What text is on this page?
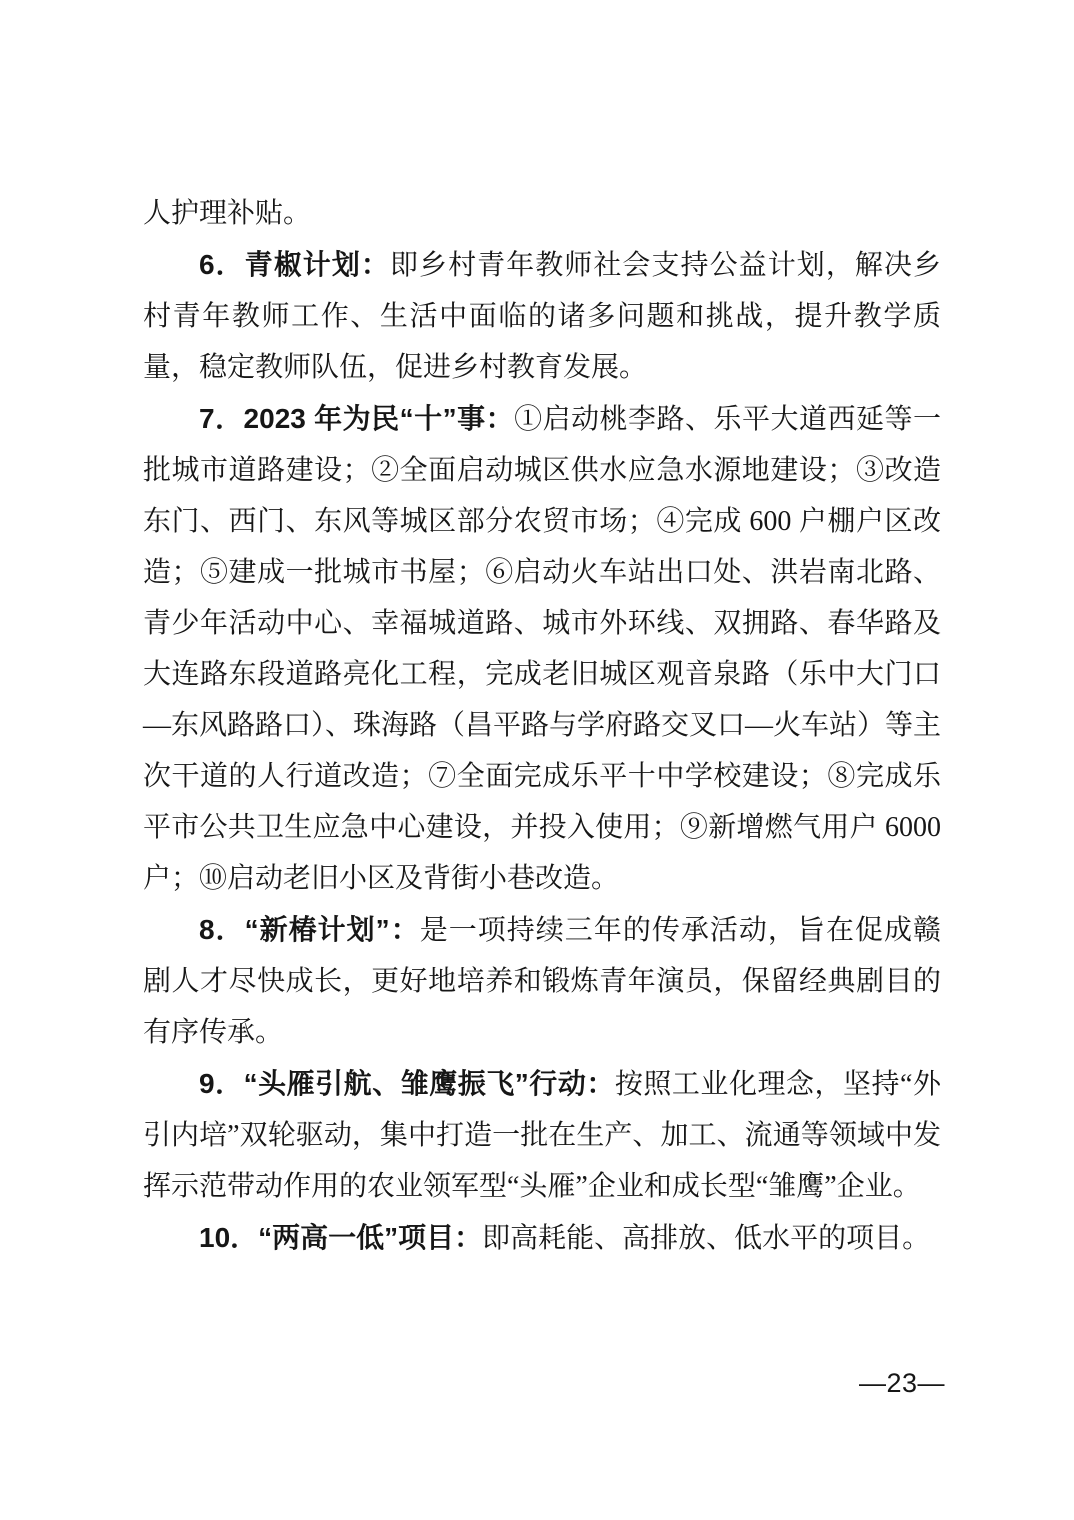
人护理补贴。

6．青椒计划：即乡村青年教师社会支持公益计划，解决乡村青年教师工作、生活中面临的诸多问题和挑战，提升教学质量，稳定教师队伍，促进乡村教育发展。

7．2023 年为民“十”事：①启动桃李路、乐平大道西延等一批城市道路建设；②全面启动城区供水应急水源地建设；③改造东门、西门、东风等城区部分农贸市场；④完成 600 户棚户区改造；⑤建成一批城市书屋；⑥启动火车站出口处、洪岩南北路、青少年活动中心、幸福城道路、城市外环线、双拥路、春华路及大连路东段道路亮化工程，完成老旧城区观音泉路（乐中大门口—东风路路口）、珠海路（昌平路与学府路交叉口—火车站）等主次干道的人行道改造；⑦全面完成乐平十中学校建设；⑧完成乐平市公共卫生应急中心建设，并投入使用；⑨新增燃气用户 6000 户；⑩启动老旧小区及背街小巷改造。

8．“新椿计划”：是一项持续三年的传承活动，旨在促成赣剧人才尽快成长，更好地培养和锻炼青年演员，保留经典剧目的有序传承。

9．“头雁引航、雏鹰振飞”行动：按照工业化理念，坚持“外引内培”双轮驱动，集中打造一批在生产、加工、流通等领域中发挥示范带动作用的农业领军型“头雁”企业和成长型“雏鹰”企业。

10．“两高一低”项目：即高耗能、高排放、低水平的项目。

—23—
